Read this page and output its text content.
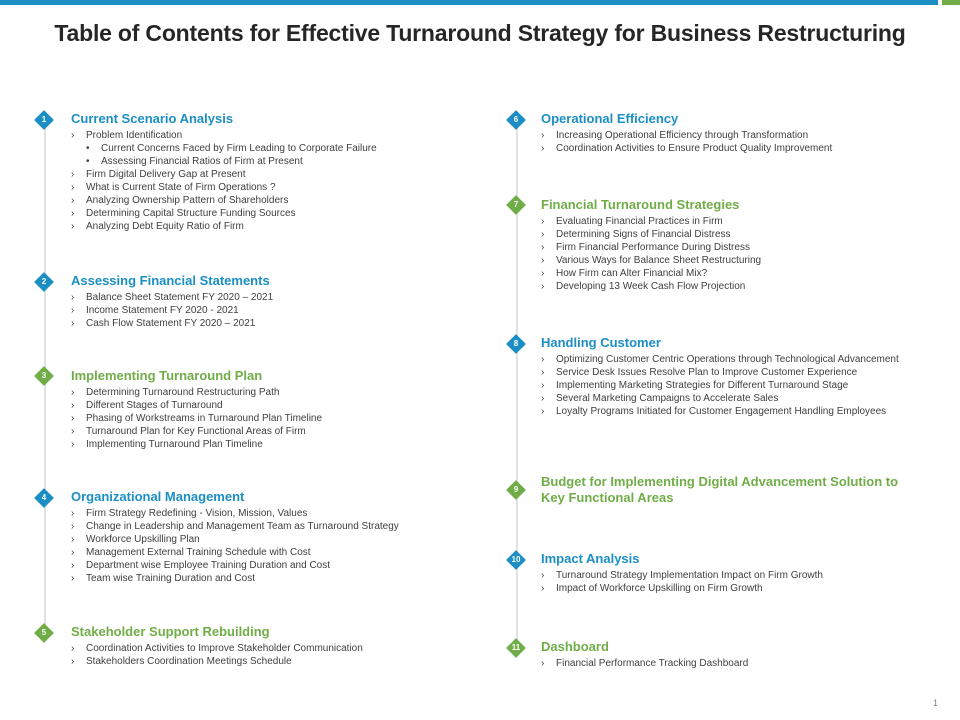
Table of Contents for Effective Turnaround Strategy for Business Restructuring
1	Current Scenario Analysis
›	Problem Identification
• Current Concerns Faced by Firm Leading to Corporate Failure
• Assessing Financial Ratios of Firm at Present
›	Firm Digital Delivery Gap at Present
›	What is Current State of Firm Operations ?
›	Analyzing Ownership Pattern of Shareholders
›	Determining Capital Structure Funding Sources
›	Analyzing Debt Equity Ratio of Firm
2	Assessing Financial Statements
›	Balance Sheet Statement FY 2020 – 2021
›	Income Statement FY 2020 - 2021
›	Cash Flow Statement FY 2020 – 2021
3	Implementing Turnaround Plan
›	Determining Turnaround Restructuring Path
›	Different Stages of Turnaround
›	Phasing of Workstreams in Turnaround Plan Timeline
›	Turnaround Plan for Key Functional Areas of Firm
›	Implementing Turnaround Plan Timeline
4	Organizational Management
›	Firm Strategy Redefining - Vision, Mission, Values
›	Change in Leadership and Management Team as Turnaround Strategy
›	Workforce Upskilling Plan
›	Management External Training Schedule with Cost
›	Department wise Employee Training Duration and Cost
›	Team wise Training Duration and Cost
5	Stakeholder Support Rebuilding
›	Coordination Activities to Improve Stakeholder Communication
›	Stakeholders Coordination Meetings Schedule
6	Operational Efficiency
›	Increasing Operational Efficiency through Transformation
›	Coordination Activities to Ensure Product Quality Improvement
7	Financial Turnaround Strategies
›	Evaluating Financial Practices in Firm
›	Determining Signs of Financial Distress
›	Firm Financial Performance During Distress
›	Various Ways for Balance Sheet Restructuring
›	How Firm can Alter Financial Mix?
›	Developing 13 Week Cash Flow Projection
8	Handling Customer
›	Optimizing Customer Centric Operations through Technological Advancement
›	Service Desk Issues Resolve Plan to Improve Customer Experience
›	Implementing Marketing Strategies for Different Turnaround Stage
›	Several Marketing Campaigns to Accelerate Sales
›	Loyalty Programs Initiated for Customer Engagement Handling Employees
9
Budget for Implementing Digital Advancement Solution to Key Functional Areas
10	Impact Analysis
›	Turnaround Strategy Implementation Impact on Firm Growth
›	Impact of Workforce Upskilling on Firm Growth
11	Dashboard
›	Financial Performance Tracking Dashboard
1
